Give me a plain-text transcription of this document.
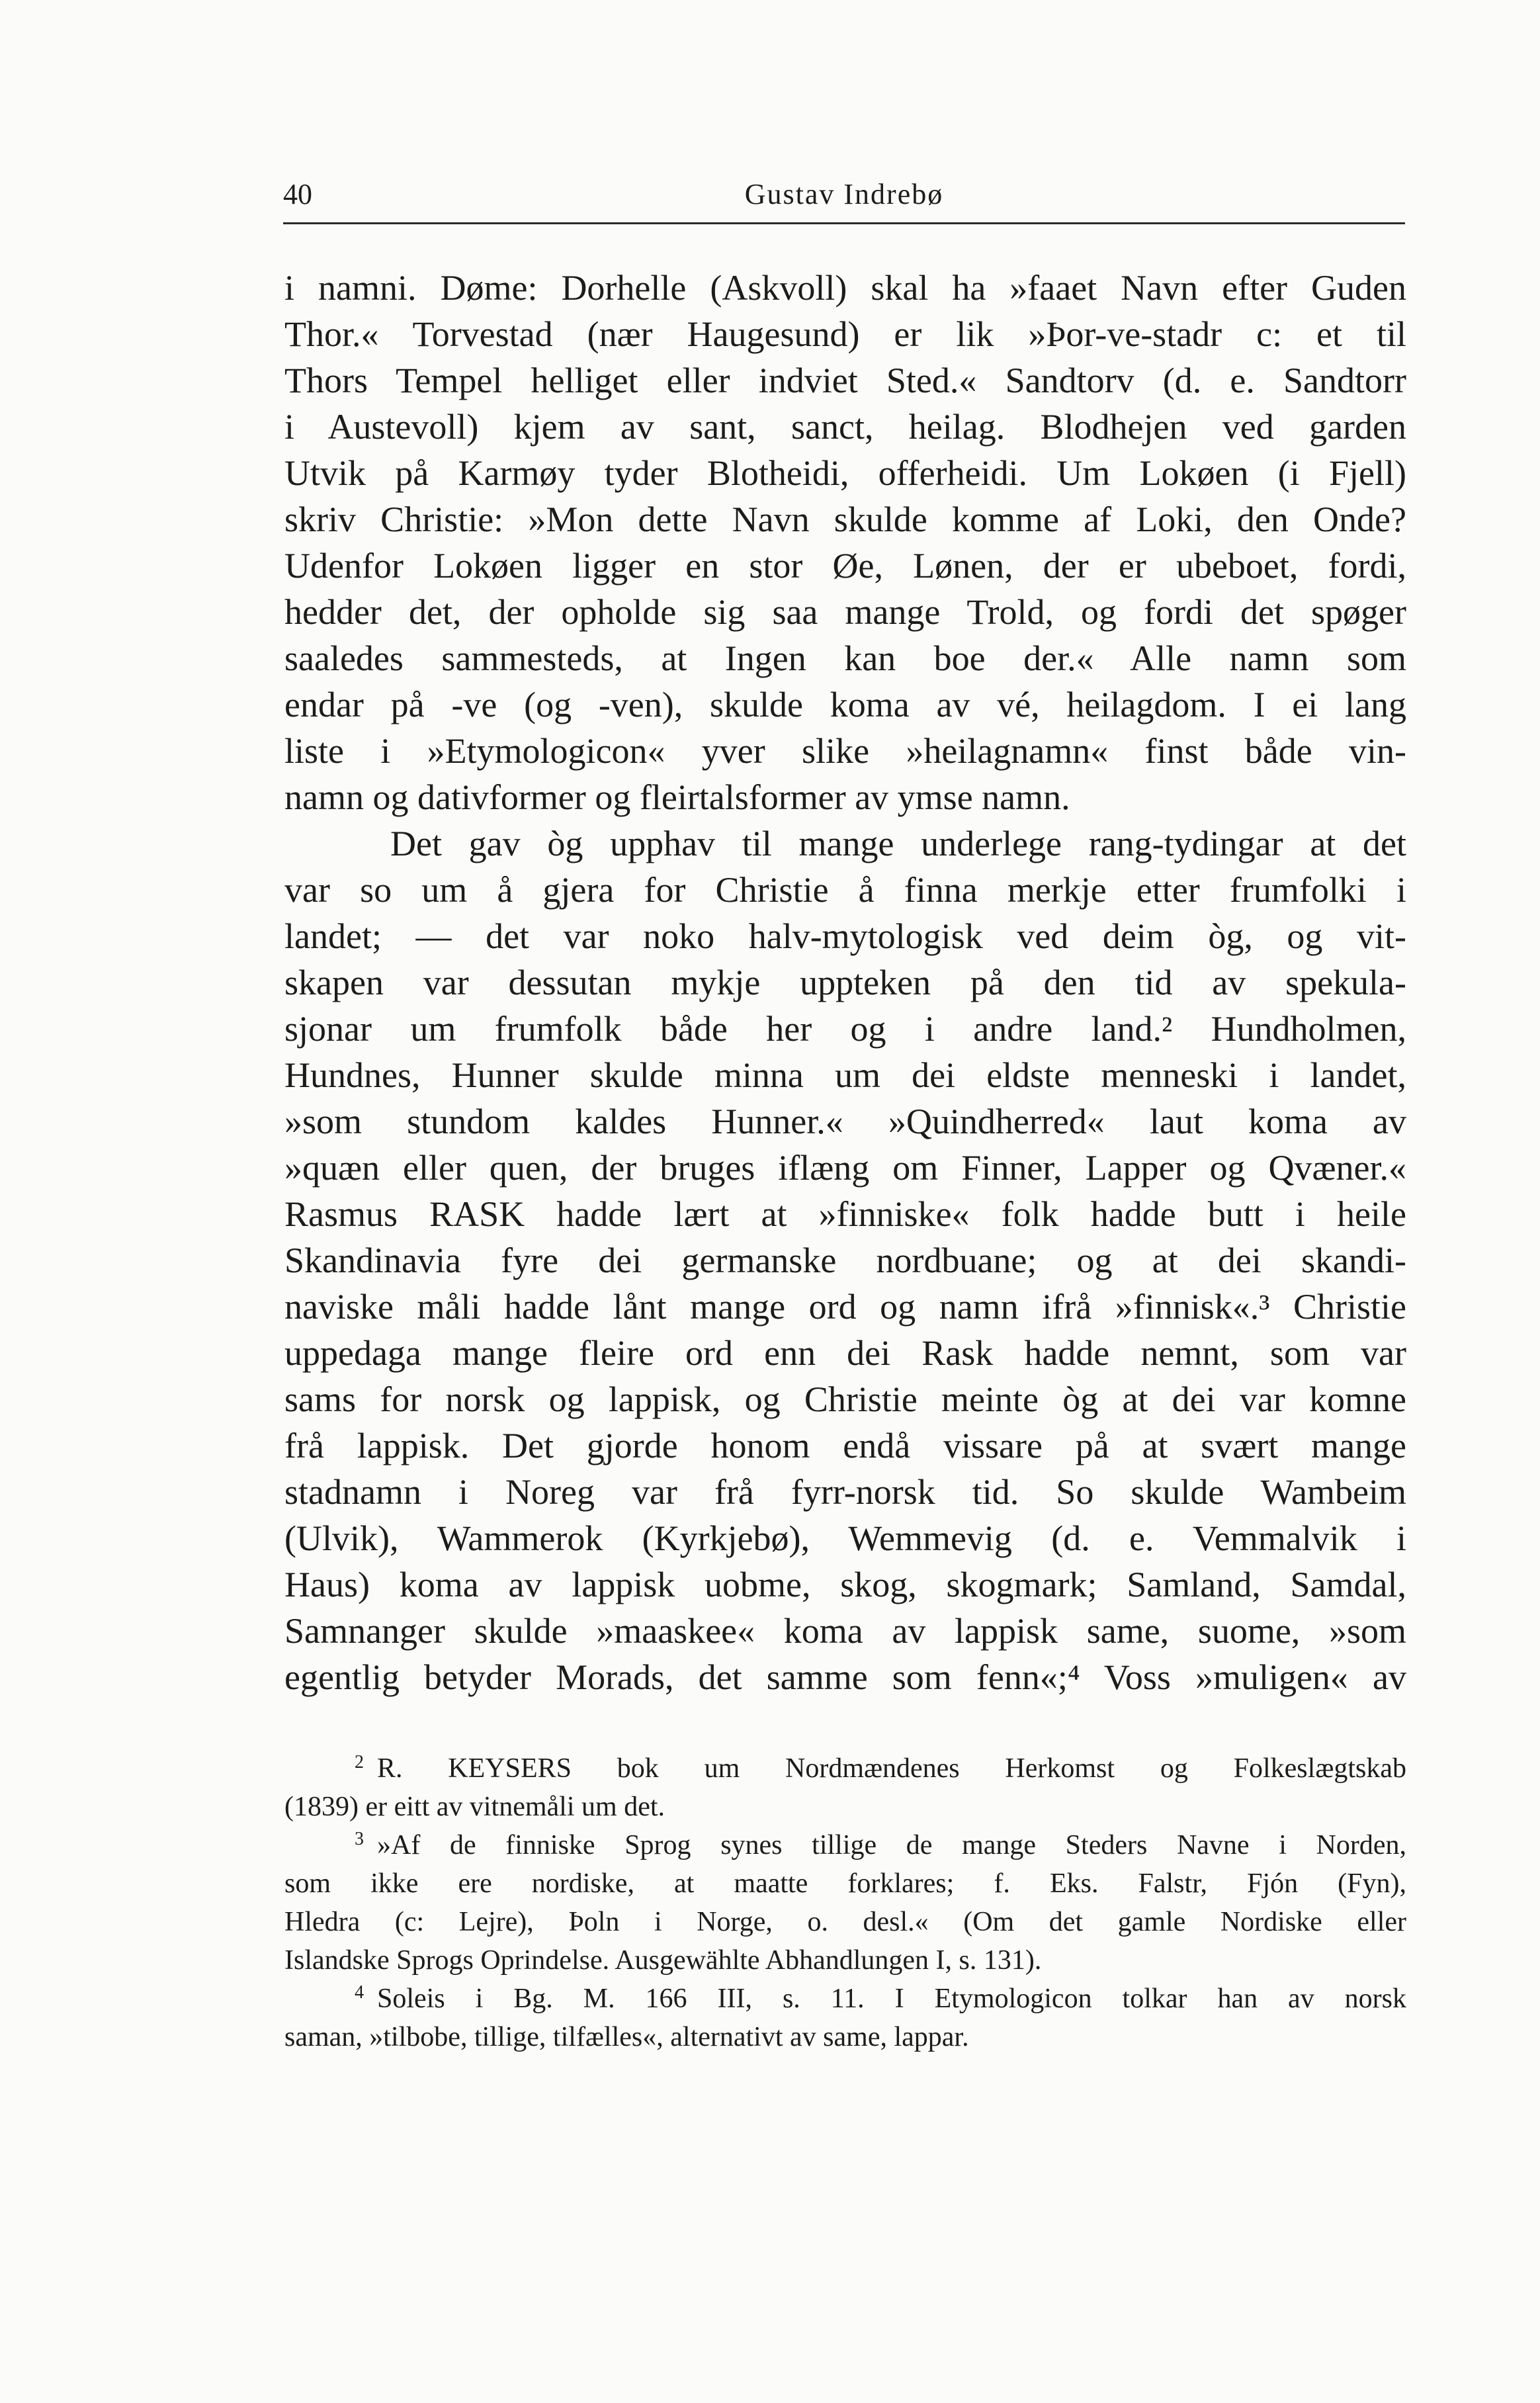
40	Gustav Indrebø
i namni. Døme: Dorhelle (Askvoll) skal ha »faaet Navn efter Guden
Thor.« Torvestad (nær Haugesund) er lik »Þor-ve-stadr c: et til
Thors Tempel helliget eller indviet Sted.« Sandtorv (d. e. Sandtorr
i Austevoll) kjem av sant, sanct, heilag. Blodhejen ved garden
Utvik på Karmøy tyder Blotheidi, offerheidi. Um Lokøen (i Fjell)
skriv Christie: »Mon dette Navn skulde komme af Loki, den Onde?
Udenfor Lokøen ligger en stor Øe, Lønen, der er ubeboet, fordi,
hedder det, der opholde sig saa mange Trold, og fordi det spøger
saaledes sammesteds, at Ingen kan boe der.« Alle namn som
endar på -ve (og -ven), skulde koma av vé, heilagdom. I ei lang
liste i »Etymologicon« yver slike »heilagnamn« finst både vin-
namn og dativformer og fleirtalsformer av ymse namn.
Det gav òg upphav til mange underlege rang-tydingar at det
var so um å gjera for Christie å finna merkje etter frumfolki i
landet; — det var noko halv-mytologisk ved deim òg, og vit-
skapen var dessutan mykje uppteken på den tid av spekula-
sjonar um frumfolk både her og i andre land.² Hundholmen,
Hundnes, Hunner skulde minna um dei eldste menneski i landet,
»som stundom kaldes Hunner.« »Quindherred« laut koma av
»quæn eller quen, der bruges iflæng om Finner, Lapper og Qvæner.«
Rasmus RASK hadde lært at »finniske« folk hadde butt i heile
Skandinavia fyre dei germanske nordbuane; og at dei skandi-
naviske måli hadde lånt mange ord og namn ifrå »finnisk«.³ Christie
uppedaga mange fleire ord enn dei Rask hadde nemnt, som var
sams for norsk og lappisk, og Christie meinte òg at dei var komne
frå lappisk. Det gjorde honom endå vissare på at svært mange
stadnamn i Noreg var frå fyrr-norsk tid. So skulde Wambeim
(Ulvik), Wammerok (Kyrkjebø), Wemmevig (d. e. Vemmalvik i
Haus) koma av lappisk uobme, skog, skogmark; Samland, Samdal,
Samnanger skulde »maaskee« koma av lappisk same, suome, »som
egentlig betyder Morads, det samme som fenn«;⁴ Voss »muligen« av
$^2$ R. KEYSERS bok um Nordmændenes Herkomst og Folkeslægtskab
(1839) er eitt av vitnemåli um det.
$^3$ »Af de finniske Sprog synes tillige de mange Steders Navne i Norden,
som ikke ere nordiske, at maatte forklares; f. Eks. Falstr, Fjón (Fyn),
Hledra (c: Lejre), Þoln i Norge, o. desl.« (Om det gamle Nordiske eller
Islandske Sprogs Oprindelse. Ausgewählte Abhandlungen I, s. 131).
$^4$ Soleis i Bg. M. 166 III, s. 11. I Etymologicon tolkar han av norsk
saman, »tilbobe, tillige, tilfælles«, alternativt av same, lappar.
